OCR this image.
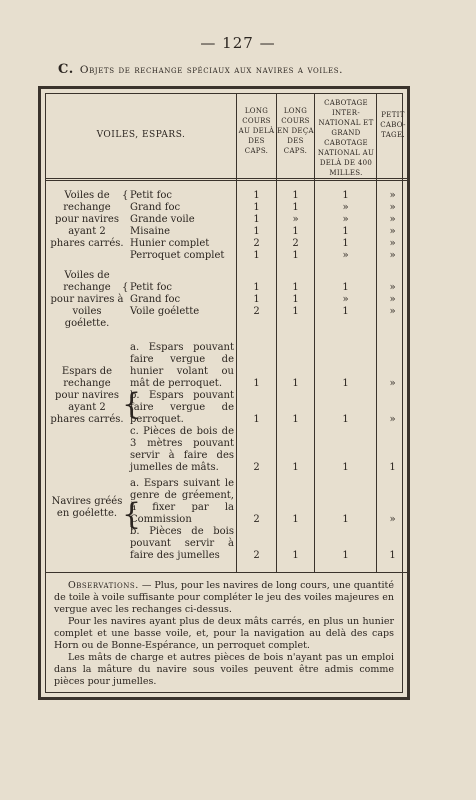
— 127 —
C. Objets de rechange spéciaux aux navires a voiles.
VOILES, ESPARS.
LONG COURS AU DELÀ DES CAPS.
LONG COURS EN DEÇA DES CAPS.
CABOTAGE INTER-NATIONAL ET GRAND CABOTAGE NATIONAL AU DELÀ DE 400 MILLES.
PETIT CABO-TAGE.
Voiles de rechange pour navires ayant 2 phares carrés.
{ Petit foc
Grand foc
Grande voile
Misaine
Hunier complet
Perroquet complet
1
1
1
1
2
1
1
1
»
1
2
1
1
»
»
1
1
»
»
»
»
»
»
»
Voiles de rechange pour navires à voiles goélette.
{ Petit foc
Grand foc
Voile goélette
1
1
2
1
1
1
1
»
1
»
»
»
Espars de rechange pour navires ayant 2 phares carrés.
{
a. Espars pouvant faire vergue de hunier volant ou mât de perroquet.
b. Espars pouvant faire vergue de perroquet.
c. Pièces de bois de 3 mètres pouvant servir à faire des jumelles de mâts.
1
1
2
1
1
1
1
1
1
»
»
1
Navires gréés en goélette. {
a. Espars suivant le genre de gréement, à fixer par la Commission
b. Pièces de bois pouvant servir à faire des jumelles
2
2
1
1
1
1
»
1

Observations. — Plus, pour les navires de long cours, une quantité de toile à voile suffisante pour compléter le jeu des voiles majeures en vergue avec les rechanges ci-dessus.

Pour les navires ayant plus de deux mâts carrés, en plus un hunier complet et une basse voile, et, pour la navigation au delà des caps Horn ou de Bonne-Espérance, un perroquet complet.

Les mâts de charge et autres pièces de bois n'ayant pas un emploi dans la mâture du navire sous voiles peuvent être admis comme pièces pour jumelles.
